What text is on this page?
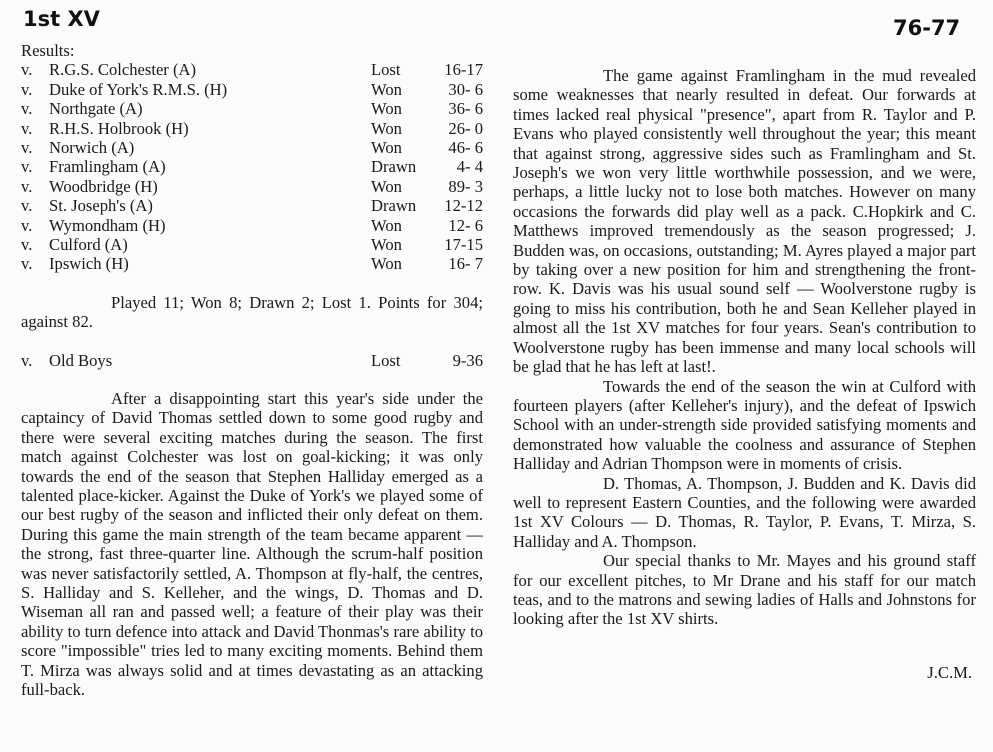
1st XV	76-77
Results:
v.	R.G.S. Colchester (A)	Lost	16-17
v.	Duke of York's R.M.S. (H)	Won	30- 6
v.	Northgate (A)	Won	36- 6
v.	R.H.S. Holbrook (H)	Won	26- 0
v.	Norwich (A)	Won	46- 6
v.	Framlingham (A)	Drawn	4- 4
v.	Woodbridge (H)	Won	89- 3
v.	St. Joseph's (A)	Drawn	12-12
v.	Wymondham (H)	Won	12- 6
v.	Culford (A)	Won	17-15
v.	Ipswich (H)	Won	16- 7

Played 11; Won 8; Drawn 2; Lost 1. Points for 304; against 82.

v.	Old Boys	Lost	9-36

After a disappointing start this year's side under the captaincy of David Thomas settled down to some good rugby and there were several exciting matches during the season. The first match against Colchester was lost on goal-kicking; it was only towards the end of the season that Stephen Halliday emerged as a talented place-kicker. Against the Duke of York's we played some of our best rugby of the season and inflicted their only defeat on them. During this game the main strength of the team became apparent — the strong, fast three-quarter line. Although the scrum-half position was never satisfactorily settled, A. Thompson at fly-half, the centres, S. Halliday and S. Kelleher, and the wings, D. Thomas and D. Wiseman all ran and passed well; a feature of their play was their ability to turn defence into attack and David Thonmas's rare ability to score "impossible" tries led to many exciting moments. Behind them T. Mirza was always solid and at times devastating as an attacking full-back.

The game against Framlingham in the mud revealed some weaknesses that nearly resulted in defeat. Our forwards at times lacked real physical "presence", apart from R. Taylor and P. Evans who played consistently well throughout the year; this meant that against strong, aggressive sides such as Framlingham and St. Joseph's we won very little worthwhile possession, and we were, perhaps, a little lucky not to lose both matches. However on many occasions the forwards did play well as a pack. C.Hopkirk and C. Matthews improved tremendously as the season progressed; J. Budden was, on occasions, outstanding; M. Ayres played a major part by taking over a new position for him and strengthening the front-row. K. Davis was his usual sound self — Woolverstone rugby is going to miss his contribution, both he and Sean Kelleher played in almost all the 1st XV matches for four years. Sean's contribution to Woolverstone rugby has been immense and many local schools will be glad that he has left at last!.

Towards the end of the season the win at Culford with fourteen players (after Kelleher's injury), and the defeat of Ipswich School with an under-strength side provided satisfying moments and demonstrated how valuable the coolness and assurance of Stephen Halliday and Adrian Thompson were in moments of crisis.

D. Thomas, A. Thompson, J. Budden and K. Davis did well to represent Eastern Counties, and the following were awarded 1st XV Colours — D. Thomas, R. Taylor, P. Evans, T. Mirza, S. Halliday and A. Thompson.

Our special thanks to Mr. Mayes and his ground staff for our excellent pitches, to Mr Drane and his staff for our match teas, and to the matrons and sewing ladies of Halls and Johnstons for looking after the 1st XV shirts.

J.C.M.
